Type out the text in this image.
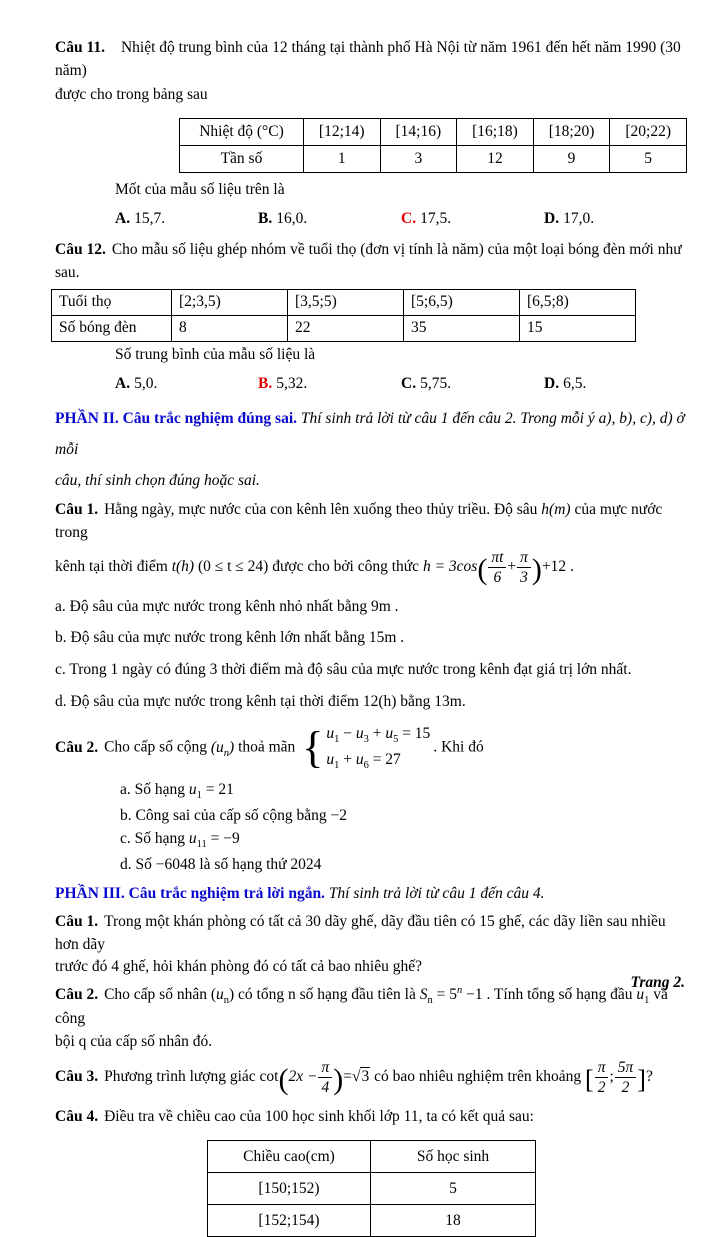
Câu 11. Nhiệt độ trung bình của 12 tháng tại thành phố Hà Nội từ năm 1961 đến hết năm 1990 (30 năm)
được cho trong bảng sau
Nhiệt độ (°C)	[12;14)	[14;16)	[16;18)	[18;20)	[20;22)
Tần số	1	3	12	9	5
Mốt của mẫu số liệu trên là
A. 15,7.	B. 16,0.	C. 17,5.	D. 17,0.
Câu 12. Cho mẫu số liệu ghép nhóm về tuổi thọ (đơn vị tính là năm) của một loại bóng đèn mới như sau.
Tuổi thọ	[2;3,5)	[3,5;5)	[5;6,5)	[6,5;8)
Số bóng đèn	8	22	35	15
Số trung bình của mẫu số liệu là
A. 5,0.	B. 5,32.	C. 5,75.	D. 6,5.
PHẦN II. Câu trắc nghiệm đúng sai. Thí sinh trả lời từ câu 1 đến câu 2. Trong mỗi ý a), b), c), d) ở mỗi
câu, thí sinh chọn đúng hoặc sai.
Câu 1. Hằng ngày, mực nước của con kênh lên xuống theo thủy triều. Độ sâu h(m) của mực nước trong
kênh tại thời điểm t(h) (0 ≤ t ≤ 24) được cho bởi công thức $h = 3\cos( \frac{\pi t}{6} + \frac{\pi}{3} )+12$ .
a. Độ sâu của mực nước trong kênh nhỏ nhất bằng 9m .
b. Độ sâu của mực nước trong kênh lớn nhất bằng 15m .
c. Trong 1 ngày có đúng 3 thời điểm mà độ sâu của mực nước trong kênh đạt giá trị lớn nhất.
d. Độ sâu của mực nước trong kênh tại thời điểm 12(h) bằng 13m.
Câu 2. Cho cấp số cộng $(u_n)$ thoả mãn { $u_1 - u_3 + u_5 = 15$
$u_1 + u_6 = 27$
. Khi đó
a. Số hạng $u_1 = 21$
b. Công sai của cấp số cộng bằng −2
c. Số hạng $u_{11} = -9$
d. Số −6048 là số hạng thứ 2024
PHẦN III. Câu trắc nghiệm trả lời ngắn. Thí sinh trả lời từ câu 1 đến câu 4.
Câu 1. Trong một khán phòng có tất cả 30 dãy ghế, dãy đầu tiên có 15 ghế, các dãy liền sau nhiều hơn dãy
trước đó 4 ghế, hỏi khán phòng đó có tất cả bao nhiêu ghế?
Câu 2. Cho cấp số nhân $(u_n)$ có tổng n số hạng đầu tiên là $S_n = 5^n -1$ . Tính tổng số hạng đầu $u_1$ và công
bội q của cấp số nhân đó.
Câu 3. Phương trình lượng giác $\cot(2x - \frac{\pi}{4} )=√3$ có bao nhiêu nghiệm trên khoảng [ $\frac{\pi}{2}$ ; $\frac{5\pi}{2}$ ]?
Câu 4. Điều tra về chiều cao của 100 học sinh khối lớp 11, ta có kết quả sau:
Chiều cao(cm)	Số học sinh
[150;152)	5
[152;154)	18
Trang 2.
